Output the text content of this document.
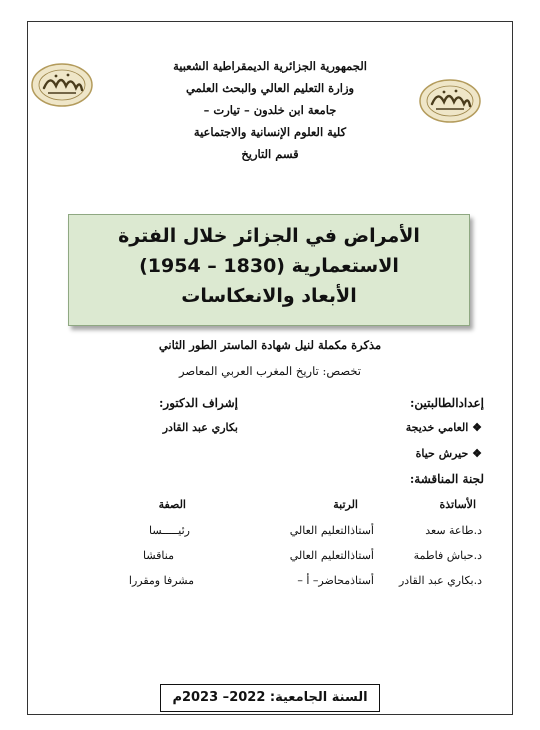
الجمهورية الجزائرية الديمقراطية الشعبية
وزارة التعليم العالي والبحث العلمي
جامعة ابن خلدون – تيارت –
كلية العلوم الإنسانية والاجتماعية
قسم التاريخ
الأمراض في الجزائر خلال الفترة
الاستعمارية (1830 – 1954)
الأبعاد والانعكاسات
مذكرة مكملة لنيل شهادة الماستر الطور الثاني
تخصص: تاريخ المغرب العربي المعاصر
إعدادالطالبتين:
إشراف الدكتور:
❖ العامي خديجة
بكاري عبد القادر
❖ حيرش حياة
لجنة المناقشة:
الأساتذة
الرتبة
الصفة
د.طاعة سعد
أستاذالتعليم العالي
رئيـــــسا
د.حباش فاطمة
أستاذالتعليم العالي
مناقشا
د.بكاري عبد القادر
أستاذمحاضر– أ –
مشرفا ومقررا
السنة الجامعية: 2022– 2023م
